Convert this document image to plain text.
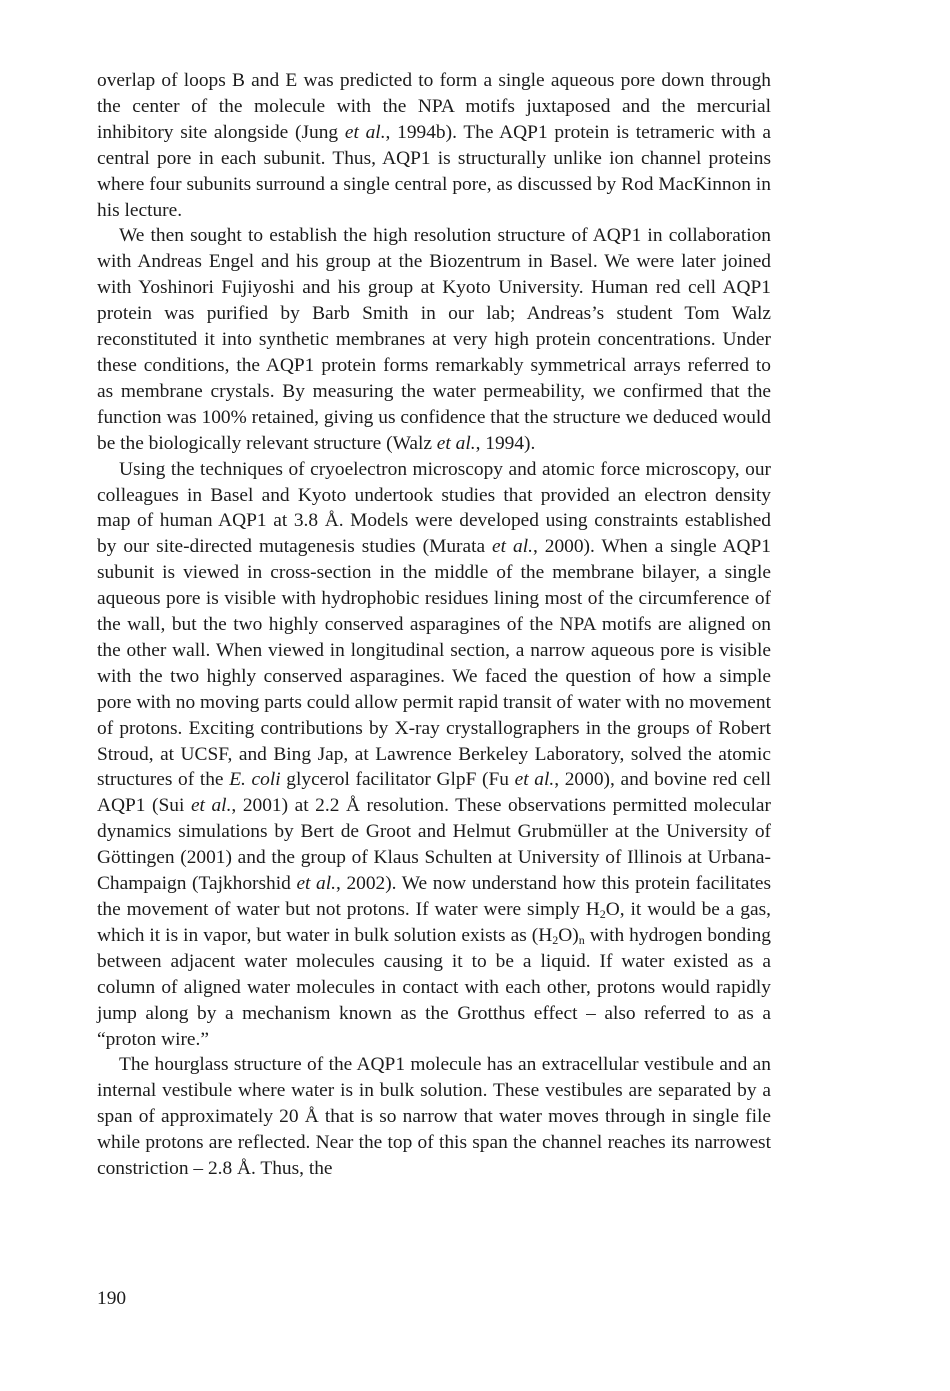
overlap of loops B and E was predicted to form a single aqueous pore down through the center of the molecule with the NPA motifs juxtaposed and the mercurial inhibitory site alongside (Jung et al., 1994b). The AQP1 protein is tetrameric with a central pore in each subunit. Thus, AQP1 is structurally unlike ion channel proteins where four subunits surround a single central pore, as discussed by Rod MacKinnon in his lecture.

We then sought to establish the high resolution structure of AQP1 in collaboration with Andreas Engel and his group at the Biozentrum in Basel. We were later joined with Yoshinori Fujiyoshi and his group at Kyoto University. Human red cell AQP1 protein was purified by Barb Smith in our lab; Andreas’s student Tom Walz reconstituted it into synthetic membranes at very high protein concentrations. Under these conditions, the AQP1 protein forms remarkably symmetrical arrays referred to as membrane crystals. By measuring the water permeability, we confirmed that the function was 100% retained, giving us confidence that the structure we deduced would be the biologically relevant structure (Walz et al., 1994).

Using the techniques of cryoelectron microscopy and atomic force microscopy, our colleagues in Basel and Kyoto undertook studies that provided an electron density map of human AQP1 at 3.8 Å. Models were developed using constraints established by our site-directed mutagenesis studies (Murata et al., 2000). When a single AQP1 subunit is viewed in cross-section in the middle of the membrane bilayer, a single aqueous pore is visible with hydrophobic residues lining most of the circumference of the wall, but the two highly conserved asparagines of the NPA motifs are aligned on the other wall. When viewed in longitudinal section, a narrow aqueous pore is visible with the two highly conserved asparagines. We faced the question of how a simple pore with no moving parts could allow permit rapid transit of water with no movement of protons. Exciting contributions by X-ray crystallographers in the groups of Robert Stroud, at UCSF, and Bing Jap, at Lawrence Berkeley Laboratory, solved the atomic structures of the E. coli glycerol facilitator GlpF (Fu et al., 2000), and bovine red cell AQP1 (Sui et al., 2001) at 2.2 Å resolution. These observations permitted molecular dynamics simulations by Bert de Groot and Helmut Grubmüller at the University of Göttingen (2001) and the group of Klaus Schulten at University of Illinois at Urbana-Champaign (Tajkhorshid et al., 2002). We now understand how this protein facilitates the movement of water but not protons. If water were simply $H_2O$, it would be a gas, which it is in vapor, but water in bulk solution exists as $(H_2O)_n$ with hydrogen bonding between adjacent water molecules causing it to be a liquid. If water existed as a column of aligned water molecules in contact with each other, protons would rapidly jump along by a mechanism known as the Grotthus effect – also referred to as a “proton wire.”

The hourglass structure of the AQP1 molecule has an extracellular vestibule and an internal vestibule where water is in bulk solution. These vestibules are separated by a span of approximately 20 Å that is so narrow that water moves through in single file while protons are reflected. Near the top of this span the channel reaches its narrowest constriction – 2.8 Å. Thus, the

190
